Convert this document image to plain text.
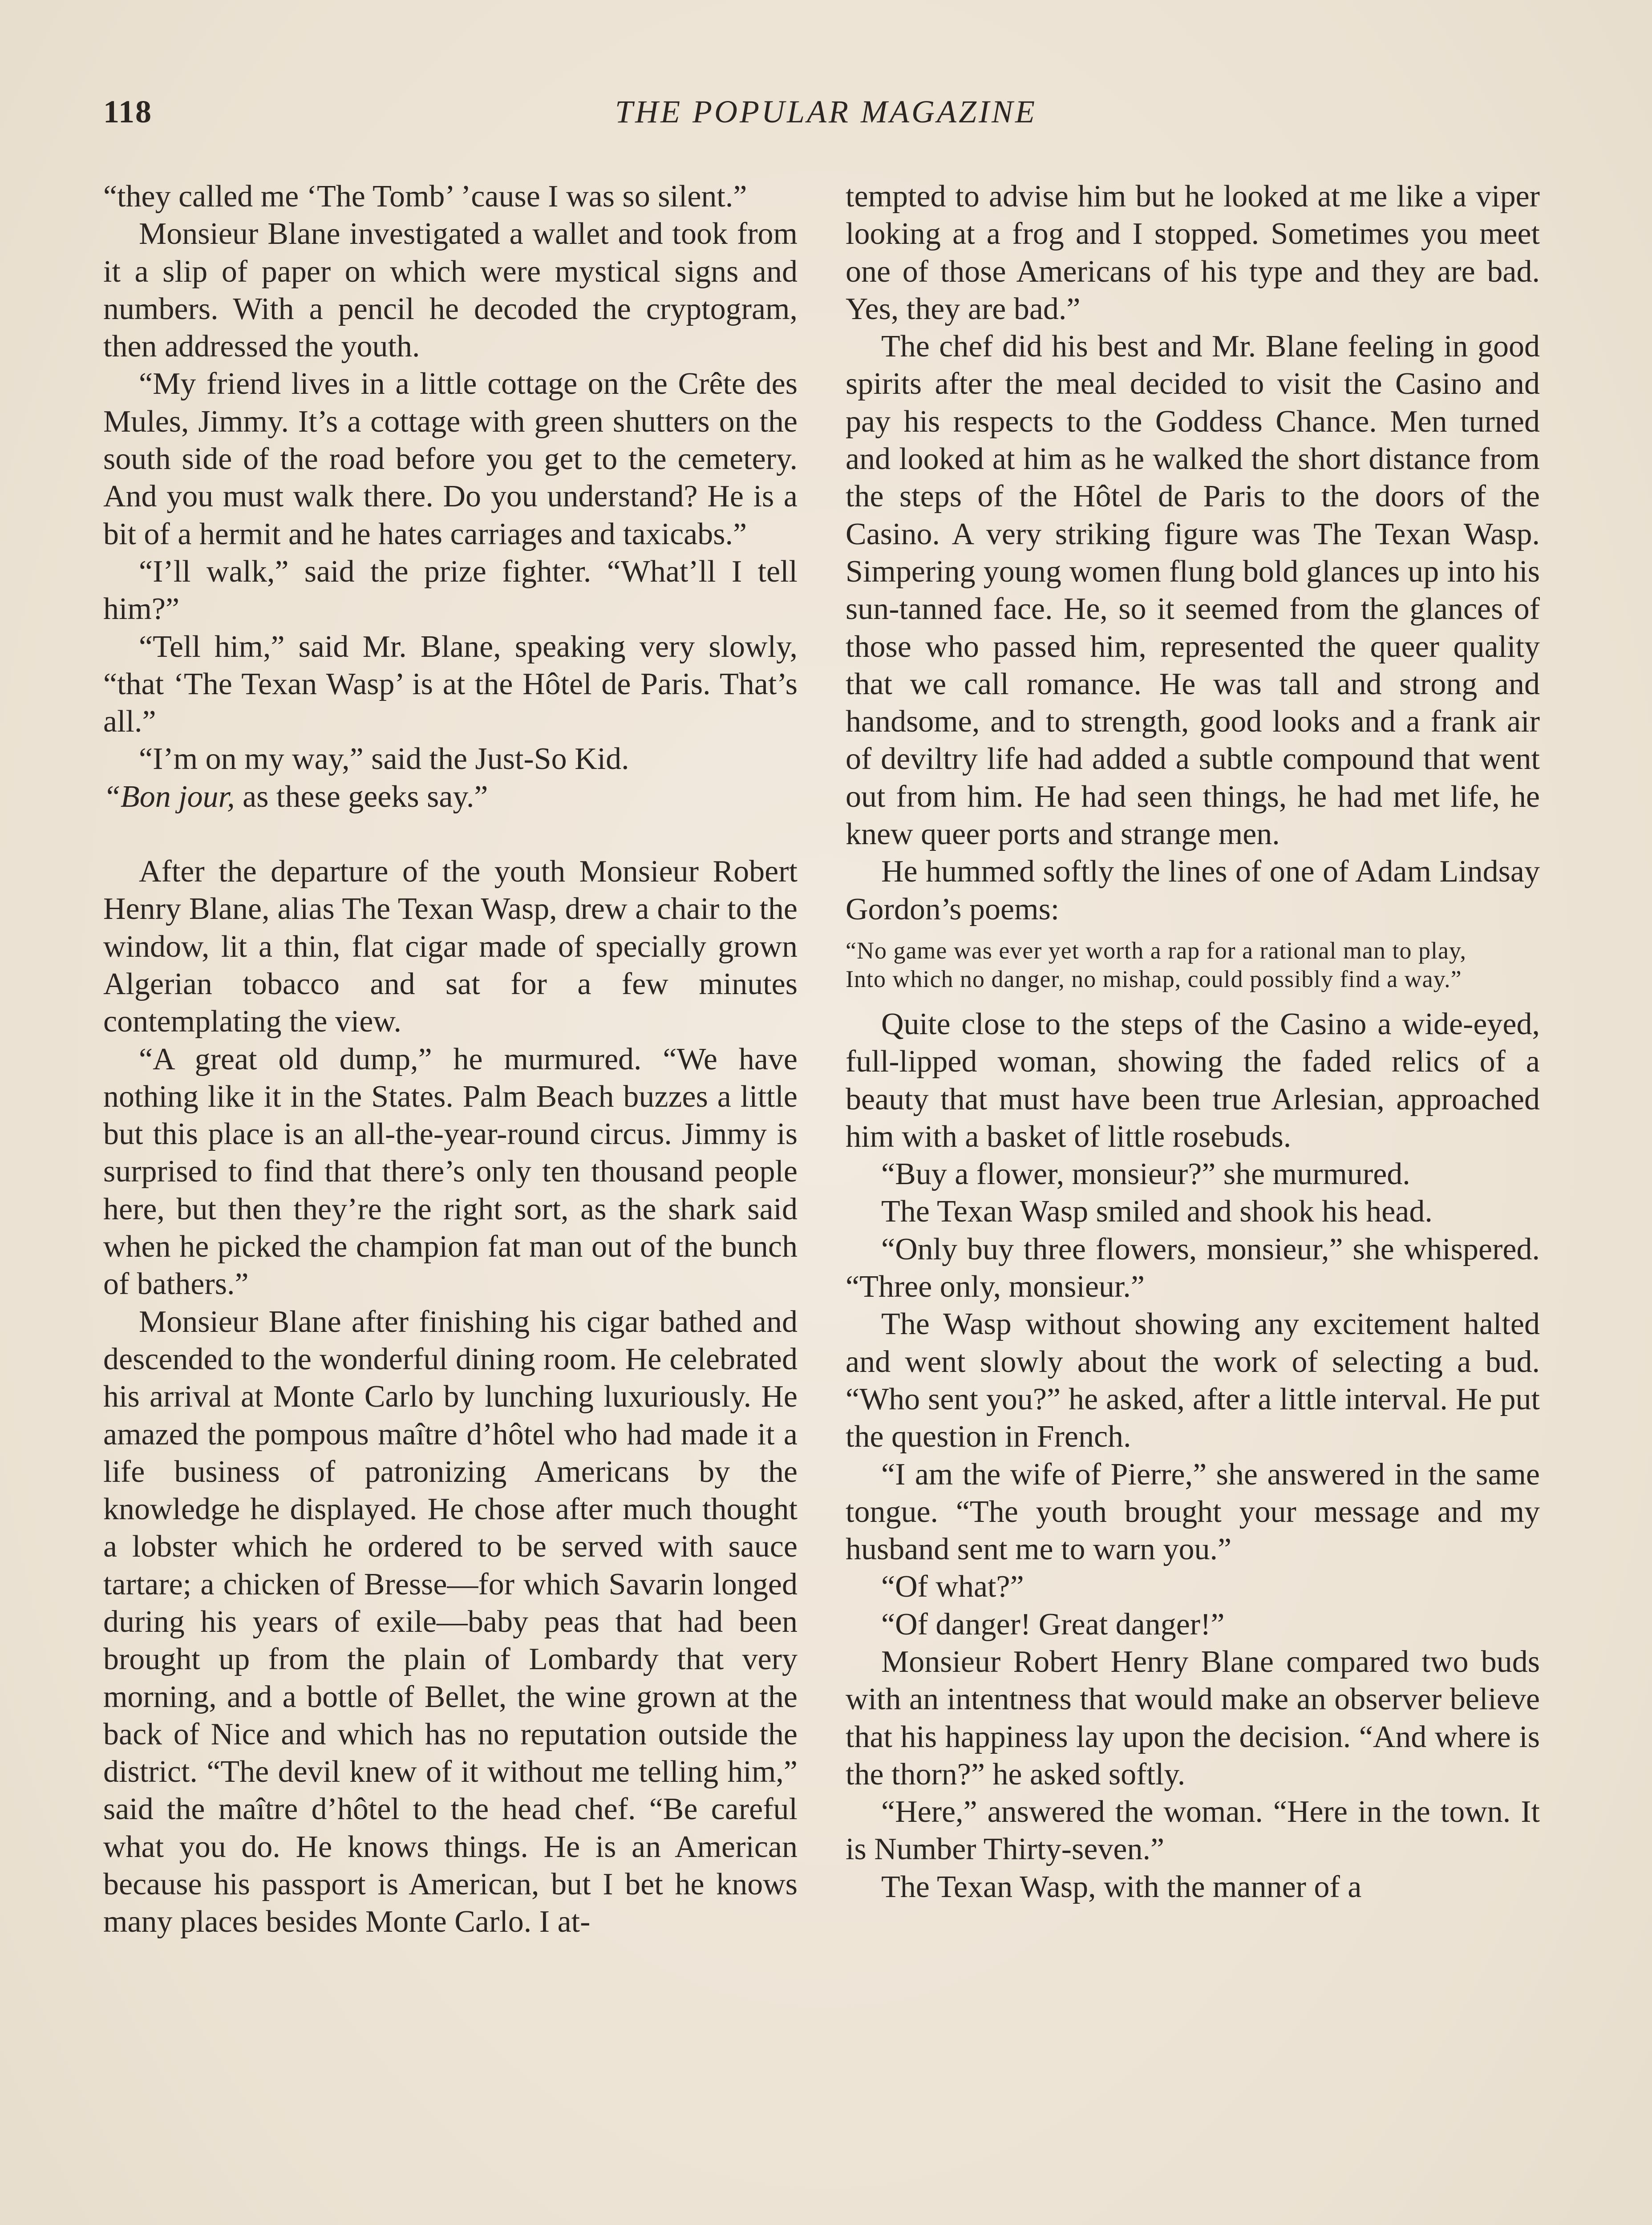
118	THE POPULAR MAGAZINE

“they called me ‘The Tomb’ ’cause I was so silent.”

Monsieur Blane investigated a wallet and took from it a slip of paper on which were mystical signs and numbers. With a pencil he decoded the cryptogram, then addressed the youth.

“My friend lives in a little cottage on the Crête des Mules, Jimmy. It’s a cottage with green shutters on the south side of the road before you get to the cemetery. And you must walk there. Do you understand? He is a bit of a hermit and he hates carriages and taxicabs.”

“I’ll walk,” said the prize fighter. “What’ll I tell him?”

“Tell him,” said Mr. Blane, speaking very slowly, “that ‘The Texan Wasp’ is at the Hôtel de Paris. That’s all.”

“I’m on my way,” said the Just-So Kid.

“Bon jour, as these geeks say.”

After the departure of the youth Monsieur Robert Henry Blane, alias The Texan Wasp, drew a chair to the window, lit a thin, flat cigar made of specially grown Algerian tobacco and sat for a few minutes contemplating the view.

“A great old dump,” he murmured. “We have nothing like it in the States. Palm Beach buzzes a little but this place is an all-the-year-round circus. Jimmy is surprised to find that there’s only ten thousand people here, but then they’re the right sort, as the shark said when he picked the champion fat man out of the bunch of bathers.”

Monsieur Blane after finishing his cigar bathed and descended to the wonderful dining room. He celebrated his arrival at Monte Carlo by lunching luxuriously. He amazed the pompous maître d’hôtel who had made it a life business of patronizing Americans by the knowledge he displayed. He chose after much thought a lobster which he ordered to be served with sauce tartare; a chicken of Bresse—for which Savarin longed during his years of exile—baby peas that had been brought up from the plain of Lombardy that very morning, and a bottle of Bellet, the wine grown at the back of Nice and which has no reputation outside the district. “The devil knew of it without me telling him,” said the maître d’hôtel to the head chef. “Be careful what you do. He knows things. He is an American because his passport is American, but I bet he knows many places besides Monte Carlo. I at-

tempted to advise him but he looked at me like a viper looking at a frog and I stopped. Sometimes you meet one of those Americans of his type and they are bad. Yes, they are bad.”

The chef did his best and Mr. Blane feeling in good spirits after the meal decided to visit the Casino and pay his respects to the Goddess Chance. Men turned and looked at him as he walked the short distance from the steps of the Hôtel de Paris to the doors of the Casino. A very striking figure was The Texan Wasp. Simpering young women flung bold glances up into his sun-tanned face. He, so it seemed from the glances of those who passed him, represented the queer quality that we call romance. He was tall and strong and handsome, and to strength, good looks and a frank air of deviltry life had added a subtle compound that went out from him. He had seen things, he had met life, he knew queer ports and strange men.

He hummed softly the lines of one of Adam Lindsay Gordon’s poems:

“No game was ever yet worth a rap for a rational man to play,
Into which no danger, no mishap, could possibly find a way.”

Quite close to the steps of the Casino a wide-eyed, full-lipped woman, showing the faded relics of a beauty that must have been true Arlesian, approached him with a basket of little rosebuds.

“Buy a flower, monsieur?” she murmured.

The Texan Wasp smiled and shook his head.

“Only buy three flowers, monsieur,” she whispered. “Three only, monsieur.”

The Wasp without showing any excitement halted and went slowly about the work of selecting a bud. “Who sent you?” he asked, after a little interval. He put the question in French.

“I am the wife of Pierre,” she answered in the same tongue. “The youth brought your message and my husband sent me to warn you.”

“Of what?”

“Of danger! Great danger!”

Monsieur Robert Henry Blane compared two buds with an intentness that would make an observer believe that his happiness lay upon the decision. “And where is the thorn?” he asked softly.

“Here,” answered the woman. “Here in the town. It is Number Thirty-seven.”

The Texan Wasp, with the manner of a
